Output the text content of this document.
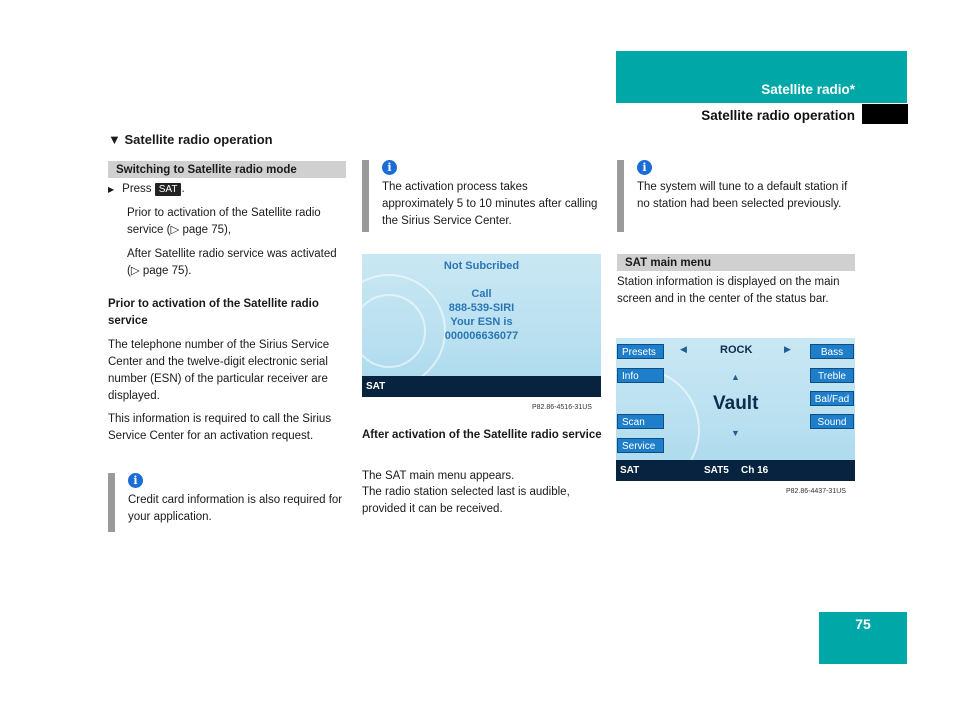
Satellite radio*
Satellite radio operation
▼ Satellite radio operation
Switching to Satellite radio mode
▶ Press SAT .
Prior to activation of the Satellite radio service (▷ page 75),
After Satellite radio service was activated (▷ page 75).
Prior to activation of the Satellite radio service
The telephone number of the Sirius Service Center and the twelve-digit electronic serial number (ESN) of the particular receiver are displayed.
This information is required to call the Sirius Service Center for an activation request.
i
Credit card information is also required for your application.
i
The activation process takes approximately 5 to 10 minutes after calling the Sirius Service Center.
Not Subcribed
Call
888-539-SIRI
Your ESN is
000006636077
SAT
P82.86-4516-31US
After activation of the Satellite radio service
The SAT main menu appears.
The radio station selected last is audible, provided it can be received.
i
The system will tune to a default station if no station had been selected previously.
SAT main menu
Station information is displayed on the main screen and in the center of the status bar.
Presets
Info
Scan
Service
Bass
Treble
Bal/Fad
Sound
◀	ROCK	▶
▲
Vault
▼
SAT	SAT5 Ch 16
P82.86-4437-31US
75
